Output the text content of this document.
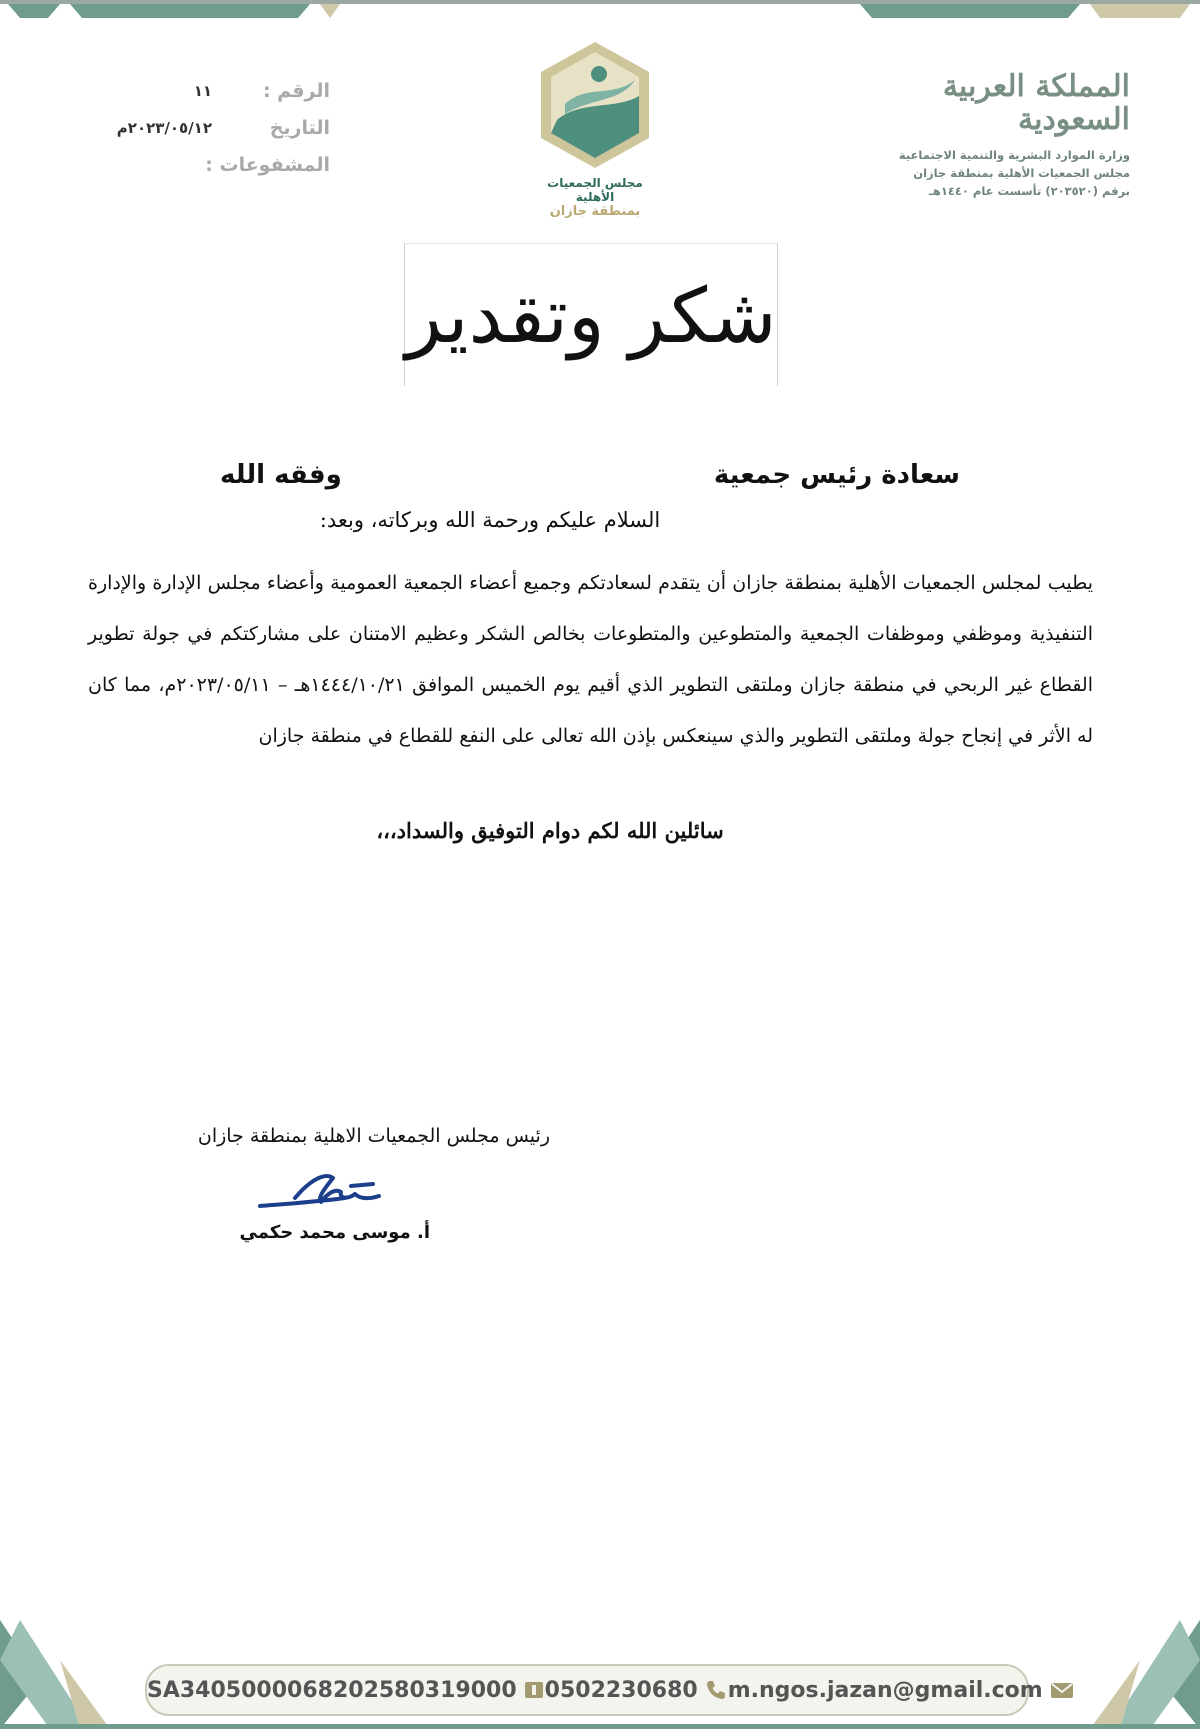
المملكة العربية السعودية
وزارة الموارد البشرية والتنمية الاجتماعية
مجلس الجمعيات الأهلية بمنطقة جازان
برقم (٢٠٣٥٢٠) تأسست عام ١٤٤٠هـ
مجلس الجمعيات الأهلية
بمنطقة جازان
الرقم :
١١
التاريخ
٢٠٢٣/٠٥/١٢م
المشفوعات :
شكر وتقدير
سعادة رئيس جمعية
وفقه الله
السلام عليكم ورحمة الله وبركاته، وبعد:
يطيب لمجلس الجمعيات الأهلية بمنطقة جازان أن يتقدم لسعادتكم وجميع أعضاء الجمعية العمومية وأعضاء مجلس الإدارة والإدارة التنفيذية وموظفي وموظفات الجمعية والمتطوعين والمتطوعات بخالص الشكر وعظيم الامتنان على مشاركتكم في جولة تطوير القطاع غير الربحي في منطقة جازان وملتقى التطوير الذي أقيم يوم الخميس الموافق ١٤٤٤/١٠/٢١هـ – ٢٠٢٣/٠٥/١١م، مما كان له الأثر في إنجاح جولة وملتقى التطوير والذي سينعكس بإذن الله تعالى على النفع للقطاع في منطقة جازان
سائلين الله لكم دوام التوفيق والسداد،،،
رئيس مجلس الجمعيات الاهلية بمنطقة جازان
أ. موسى محمد حكمي
SA3405000068202580319000 0502230680 m.ngos.jazan@gmail.com
